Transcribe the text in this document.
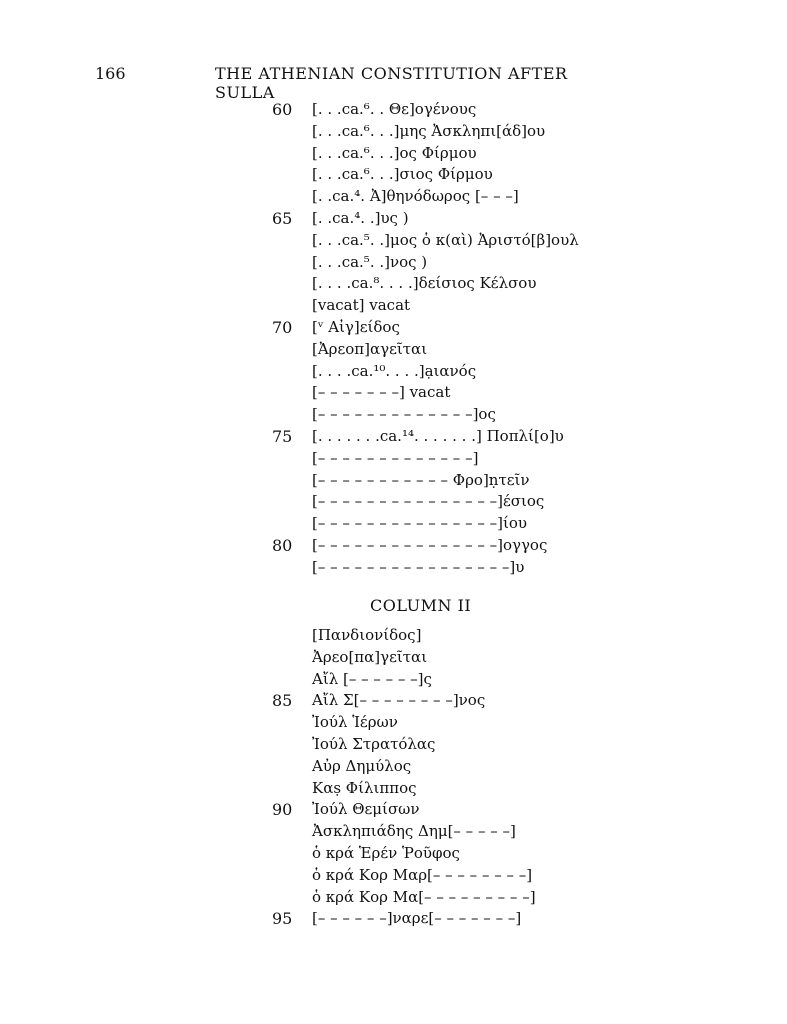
166	THE ATHENIAN CONSTITUTION AFTER SULLA
60	[. . .ca.⁶. . Θε]ογένους
[. . .ca.⁶. . .]μης Ἀσκληπι[άδ]ου
[. . .ca.⁶. . .]ος Φίρμου
[. . .ca.⁶. . .]σιος Φίρμου
[. .ca.⁴. Ἀ]θηνόδωρος [– – –]
65	[. .ca.⁴. .]υς )
[. . .ca.⁵. .]μος ὁ κ(αὶ) Ἀριστό[β]ουλ
[. . .ca.⁵. .]νος )
[. . . .ca.⁸. . . .]δείσιος Κέλσου
[vacat] vacat
70	[ᵛ Αἰγ]είδος
[Ἀρεοπ]αγεῖται
[. . . .ca.¹⁰. . . .]ạιανός
[– – – – – – –] vacat
[– – – – – – – – – – – – –]ος
75	[. . . . . . .ca.¹⁴. . . . . . .] Ποπλί[ο]υ
[– – – – – – – – – – – – –]
[– – – – – – – – – – – Φρο]ṇτεῖν
[– – – – – – – – – – – – – – –]έσιος
[– – – – – – – – – – – – – – –]ίου
80	[– – – – – – – – – – – – – – –]ογγος
[– – – – – – – – – – – – – – – –]υ
COLUMN II
[Πανδιονίδος]
Ἀρεο[πα]γεῖται
Αἴλ [– – – – – –]ς
85	Αἴλ Σ[– – – – – – – –]νος
Ἰούλ Ἱέρων
Ἰούλ Στρατόλας
Αὐρ Δημύλος
Καṣ Φίλιππος
90	Ἰούλ Θεμίσων
Ἀσκληπιάδης Δημ[– – – – –]
ὁ κρά Ἑρέν Ῥοῦφος
ὁ κρά Κορ Μαρ[– – – – – – – –]
ὁ κρά Κορ Μα[– – – – – – – – –]
95	[– – – – – –]ναρε[– – – – – – –]
